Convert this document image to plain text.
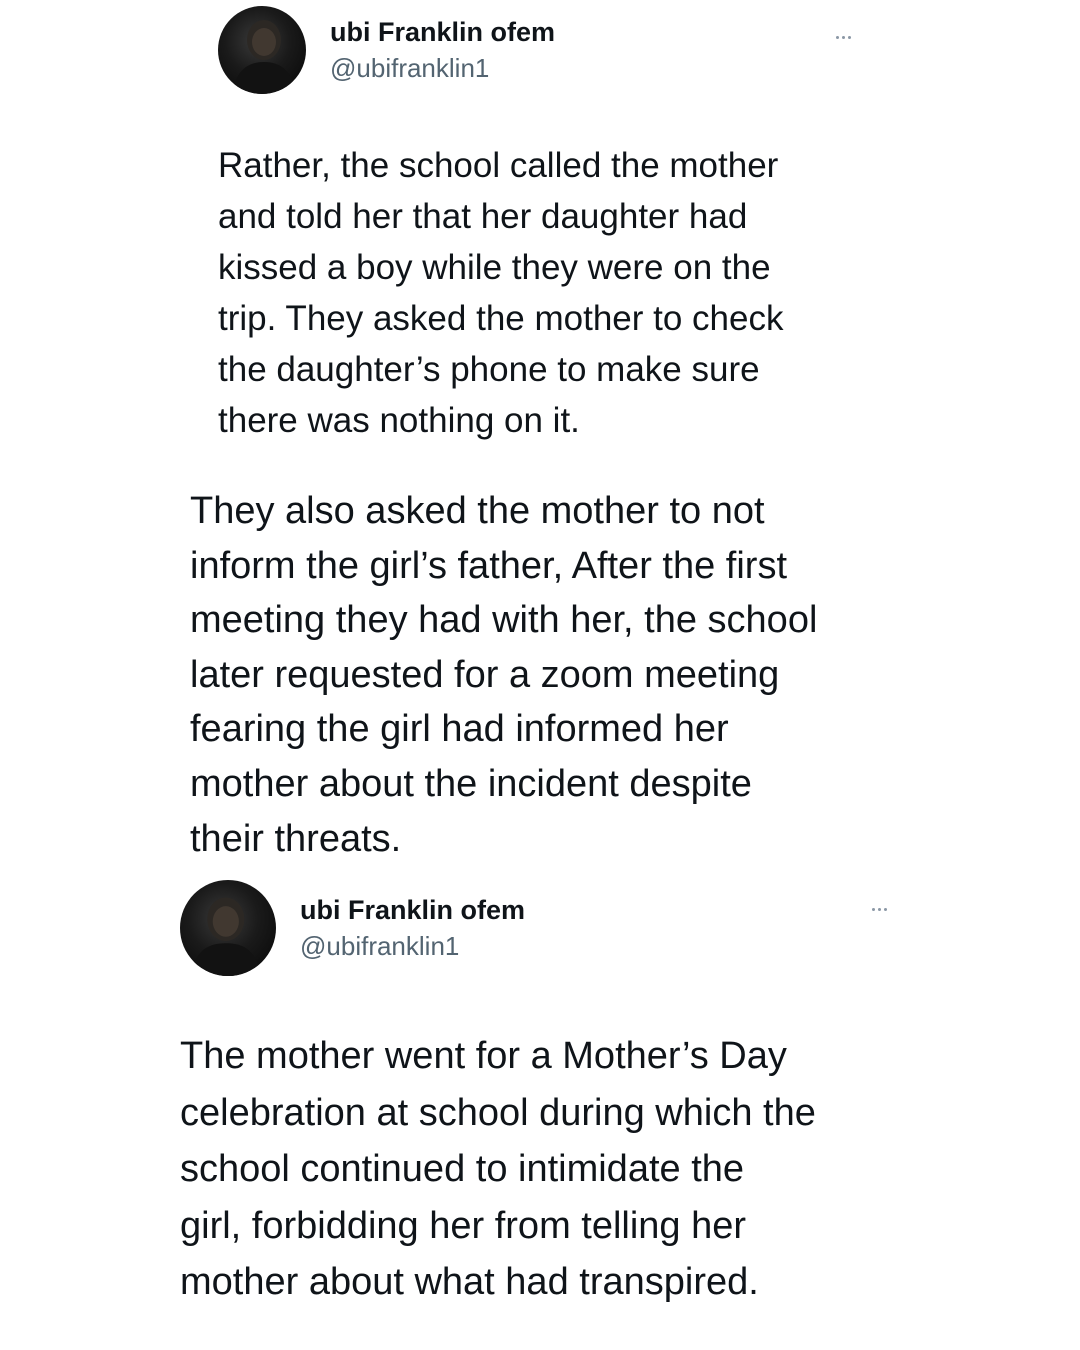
ubi Franklin ofem
@ubifranklin1

Rather, the school called the mother
and told her that her daughter had
kissed a boy while they were on the
trip. They asked the mother to check
the daughter’s phone to make sure
there was nothing on it.

They also asked the mother to not
inform the girl’s father, After the first
meeting they had with her, the school
later requested for a zoom meeting
fearing the girl had informed her
mother about the incident despite
their threats.

ubi Franklin ofem
@ubifranklin1

The mother went for a Mother’s Day
celebration at school during which the
school continued to intimidate the
girl, forbidding her from telling her
mother about what had transpired.
